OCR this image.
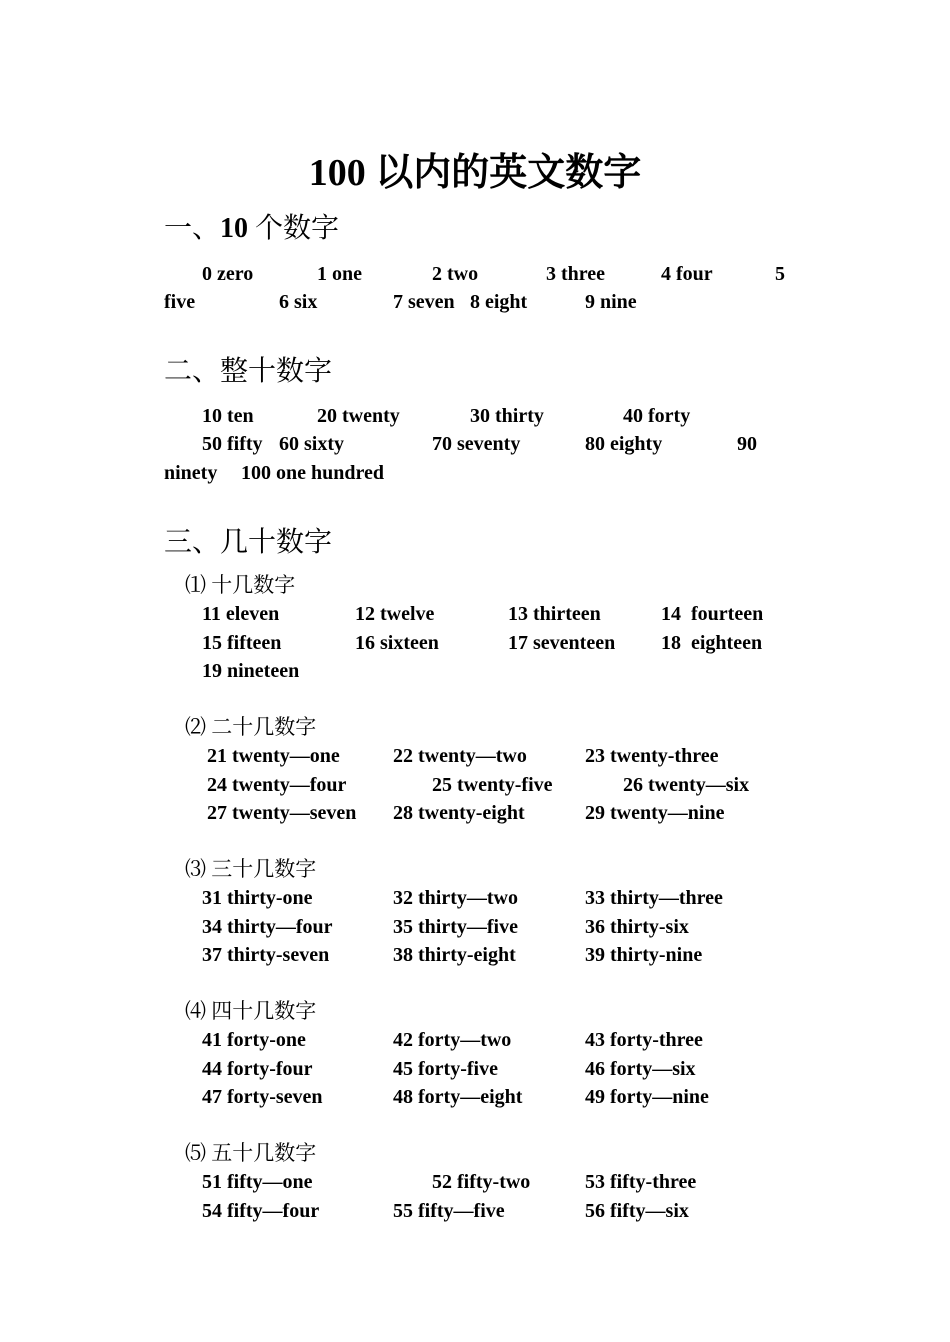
100 以内的英文数字
一、10 个数字
0 zero	1 one	2 two	3 three	4 four	5
five	6 six	7 seven 8 eight	9 nine
二、整十数字
10 ten	20 twenty	30 thirty	40 forty
50 fifty 60 sixty	70 seventy	80 eighty	90
ninety 100 one hundred
三、几十数字
⑴ 十几数字
11 eleven	12 twelve	13 thirteen	14  fourteen
15 fifteen	16 sixteen	17 seventeen 18  eighteen
19 nineteen
⑵ 二十几数字
21 twenty—one	22 twenty—two	23 twenty-three
24 twenty—four	25 twenty-five	26 twenty—six
27 twenty—seven 28 twenty-eight	29 twenty—nine
⑶ 三十几数字
31 thirty-one	32 thirty—two	33 thirty—three
34 thirty—four	35 thirty—five	36 thirty-six
37 thirty-seven	38 thirty-eight	39 thirty-nine
⑷ 四十几数字
41 forty-one	42 forty—two	43 forty-three
44 forty-four	45 forty-five	46 forty—six
47 forty-seven	48 forty—eight	49 forty—nine
⑸ 五十几数字
51 fifty—one	52 fifty-two	53 fifty-three
54 fifty—four	55 fifty—five	56 fifty—six
